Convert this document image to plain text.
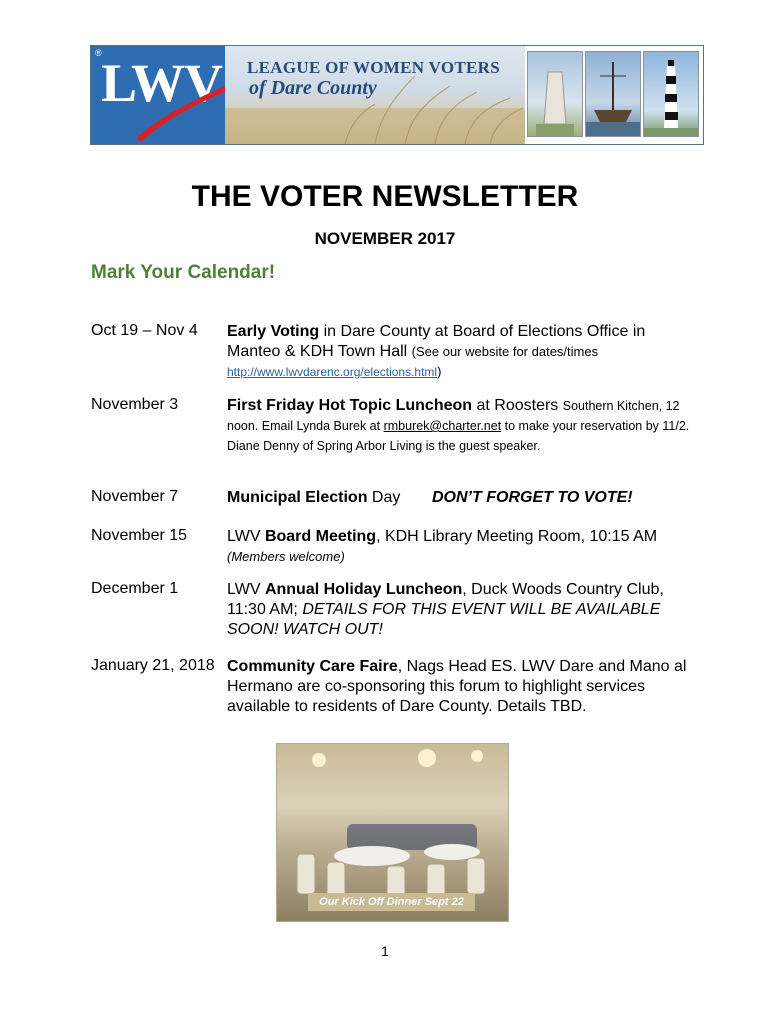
® LWV LEAGUE OF WOMEN VOTERS
of Dare County
THE VOTER NEWSLETTER
NOVEMBER 2017
Mark Your Calendar!
Oct 19 – Nov 4 Early Voting in Dare County at Board of Elections Office in Manteo & KDH Town Hall (See our website for dates/times
http://www.lwvdarenc.org/elections.html)
November 3	First Friday Hot Topic Luncheon at Roosters Southern Kitchen, 12 noon. Email Lynda Burek at rmburek@charter.net to make your reservation by 11/2. Diane Denny of Spring Arbor Living is the guest speaker.
November 7	Municipal Election Day DON’T FORGET TO VOTE!
November 15 LWV Board Meeting, KDH Library Meeting Room, 10:15 AM
(Members welcome)
December 1	LWV Annual Holiday Luncheon, Duck Woods Country Club, 11:30 AM; DETAILS FOR THIS EVENT WILL BE AVAILABLE SOON! WATCH OUT!
January 21, 2018 Community Care Faire, Nags Head ES. LWV Dare and Mano al Hermano are co-sponsoring this forum to highlight services available to residents of Dare County. Details TBD.
Our Kick Off Dinner Sept 22
1
